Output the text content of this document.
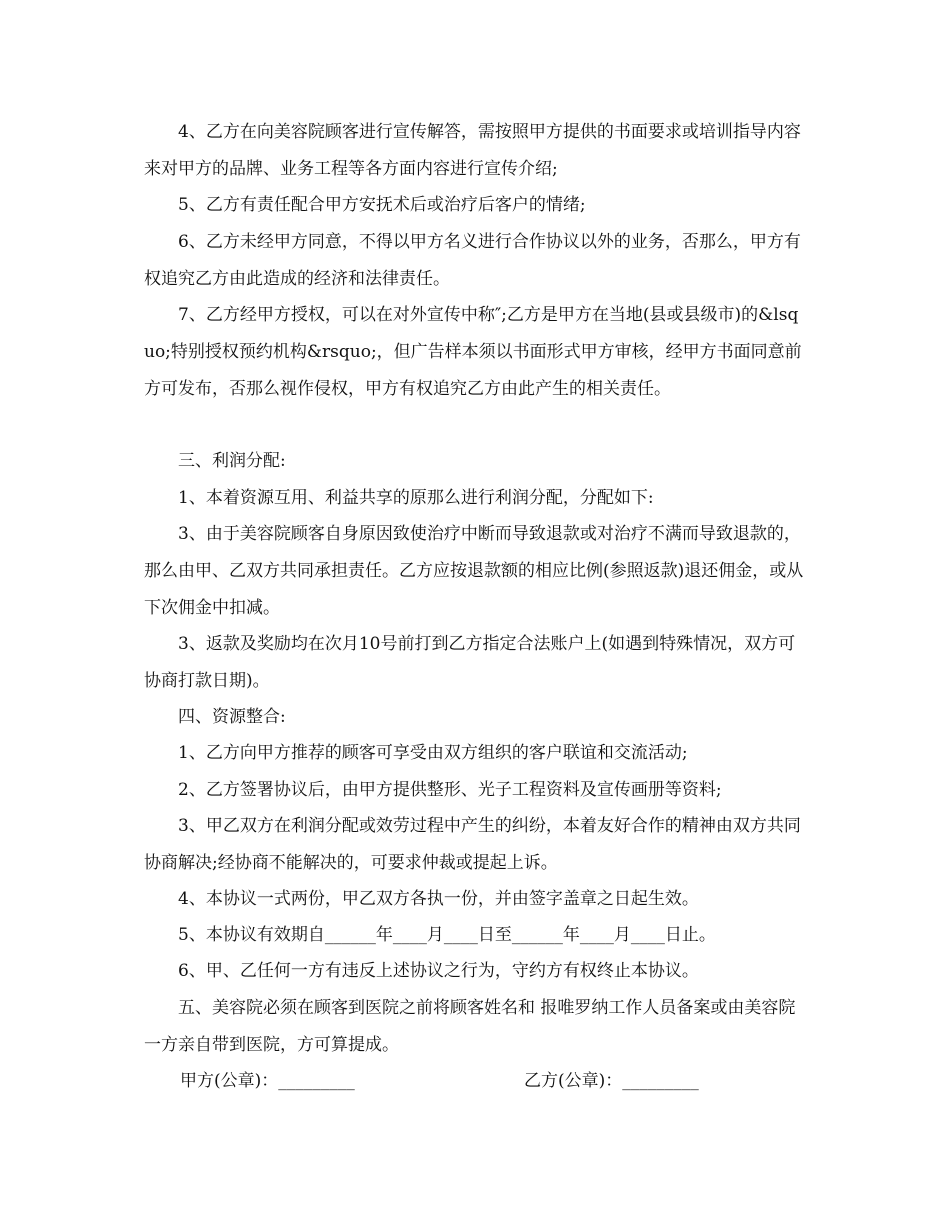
4、乙方在向美容院顾客进行宣传解答，需按照甲方提供的书面要求或培训指导内容来对甲方的品牌、业务工程等各方面内容进行宣传介绍;

5、乙方有责任配合甲方安抚术后或治疗后客户的情绪;

6、乙方未经甲方同意，不得以甲方名义进行合作协议以外的业务，否那么，甲方有权追究乙方由此造成的经济和法律责任。

7、乙方经甲方授权，可以在对外宣传中称″;乙方是甲方在当地(县或县级市)的&lsquo;特别授权预约机构&rsquo;，但广告样本须以书面形式甲方审核，经甲方书面同意前方可发布，否那么视作侵权，甲方有权追究乙方由此产生的相关责任。

三、利润分配:

1、本着资源互用、利益共享的原那么进行利润分配，分配如下:

3、由于美容院顾客自身原因致使治疗中断而导致退款或对治疗不满而导致退款的，那么由甲、乙双方共同承担责任。乙方应按退款额的相应比例(参照返款)退还佣金，或从下次佣金中扣减。

3、返款及奖励均在次月10号前打到乙方指定合法账户上(如遇到特殊情况，双方可协商打款日期)。

四、资源整合:

1、乙方向甲方推荐的顾客可享受由双方组织的客户联谊和交流活动;

2、乙方签署协议后，由甲方提供整形、光子工程资料及宣传画册等资料;

3、甲乙双方在利润分配或效劳过程中产生的纠纷，本着友好合作的精神由双方共同协商解决;经协商不能解决的，可要求仲裁或提起上诉。

4、本协议一式两份，甲乙双方各执一份，并由签字盖章之日起生效。

5、本协议有效期自______年____月____日至______年____月____日止。

6、甲、乙任何一方有违反上述协议之行为，守约方有权终止本协议。

五、美容院必须在顾客到医院之前将顾客姓名和 报唯罗纳工作人员备案或由美容院一方亲自带到医院，方可算提成。

甲方(公章)：_________	乙方(公章)：_________
